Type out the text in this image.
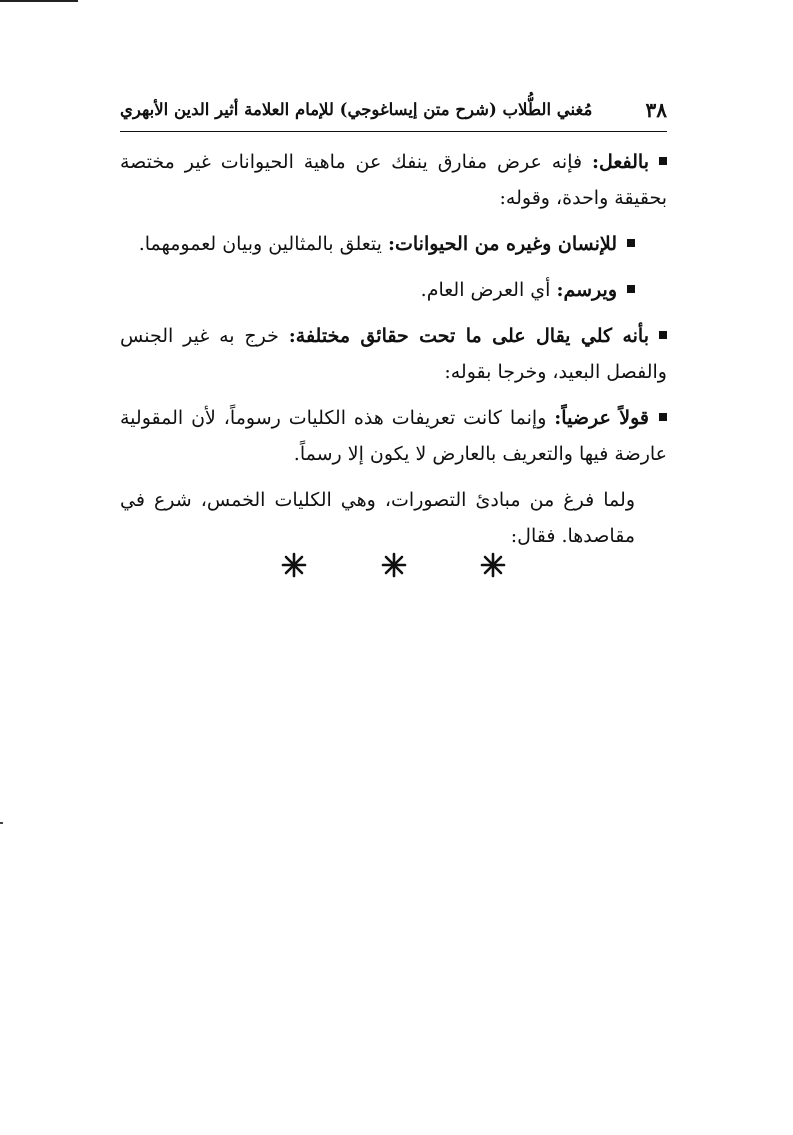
٣٨
مُغني الطُّلاب (شرح متن إيساغوجي) للإمام العلامة أثير الدين الأبهري

بالفعل: فإنه عرض مفارق ينفك عن ماهية الحيوانات غير مختصة بحقيقة واحدة، وقوله:

للإنسان وغيره من الحيوانات: يتعلق بالمثالين وبيان لعمومهما.

ويرسم: أي العرض العام.

بأنه كلي يقال على ما تحت حقائق مختلفة: خرج به غير الجنس والفصل البعيد، وخرجا بقوله:

قولاً عرضياً: وإنما كانت تعريفات هذه الكليات رسوماً، لأن المقولية عارضة فيها والتعريف بالعارض لا يكون إلا رسماً.

ولما فرغ من مبادئ التصورات، وهي الكليات الخمس، شرع في مقاصدها. فقال:
